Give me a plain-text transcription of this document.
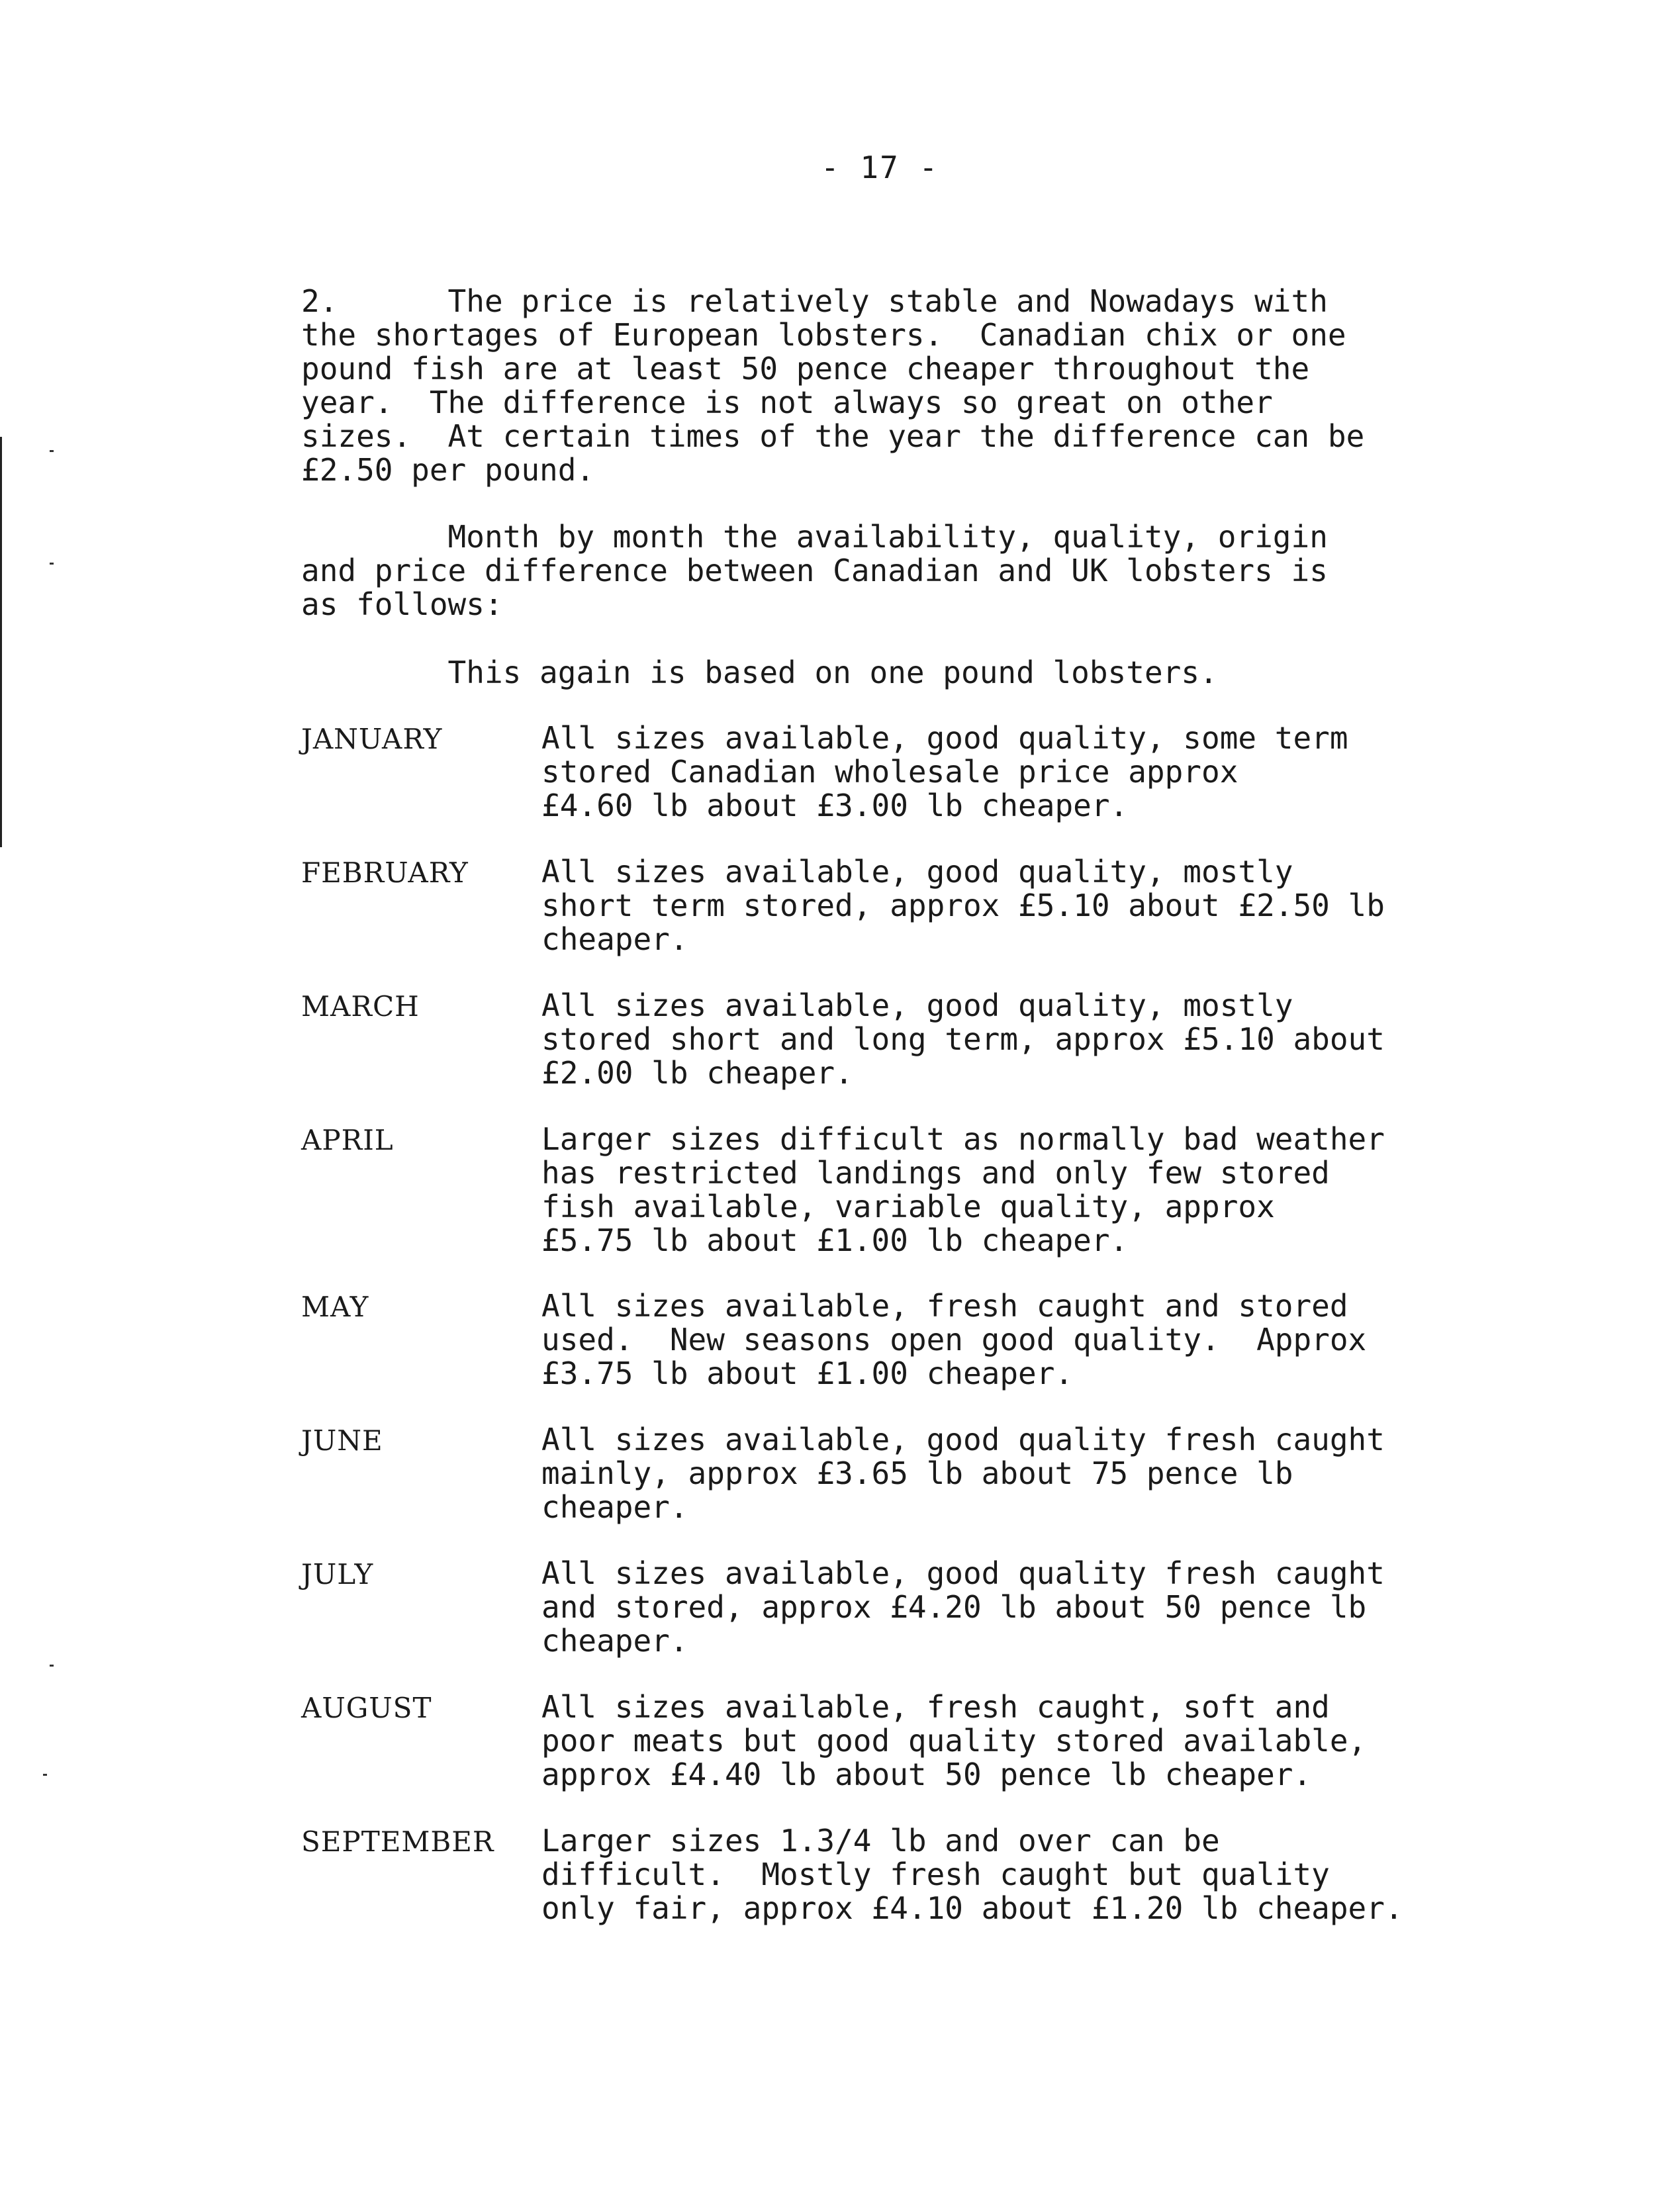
- 17 -
2.      The price is relatively stable and Nowadays with
the shortages of European lobsters.  Canadian chix or one
pound fish are at least 50 pence cheaper throughout the
year.  The difference is not always so great on other
sizes.  At certain times of the year the difference can be
£2.50 per pound.
Month by month the availability, quality, origin
and price difference between Canadian and UK lobsters is
as follows:
This again is based on one pound lobsters.
JANUARY	All sizes available, good quality, some term
stored Canadian wholesale price approx
£4.60 lb about £3.00 lb cheaper.
FEBRUARY All sizes available, good quality, mostly
short term stored, approx £5.10 about £2.50 lb
cheaper.
MARCH	All sizes available, good quality, mostly
stored short and long term, approx £5.10 about
£2.00 lb cheaper.
APRIL	Larger sizes difficult as normally bad weather
has restricted landings and only few stored
fish available, variable quality, approx
£5.75 lb about £1.00 lb cheaper.
MAY	All sizes available, fresh caught and stored
used.  New seasons open good quality.  Approx
£3.75 lb about £1.00 cheaper.
JUNE	All sizes available, good quality fresh caught
mainly, approx £3.65 lb about 75 pence lb
cheaper.
JULY	All sizes available, good quality fresh caught
and stored, approx £4.20 lb about 50 pence lb
cheaper.
AUGUST	All sizes available, fresh caught, soft and
poor meats but good quality stored available,
approx £4.40 lb about 50 pence lb cheaper.
SEPTEMBER Larger sizes 1.3/4 lb and over can be
difficult.  Mostly fresh caught but quality
only fair, approx £4.10 about £1.20 lb cheaper.
